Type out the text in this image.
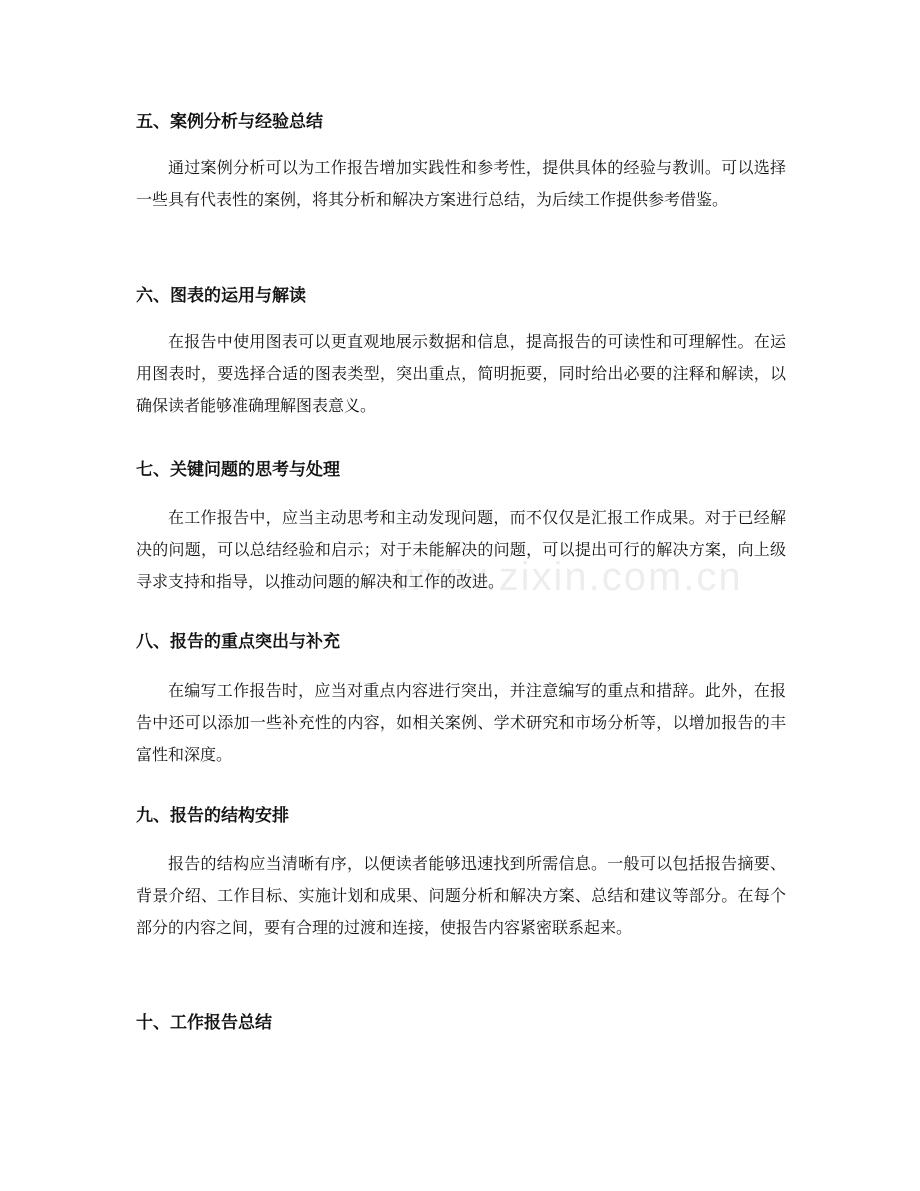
www.zixin.com.cn
五、案例分析与经验总结

通过案例分析可以为工作报告增加实践性和参考性，提供具体的经验与教训。可以选择一些具有代表性的案例，将其分析和解决方案进行总结，为后续工作提供参考借鉴。

六、图表的运用与解读

在报告中使用图表可以更直观地展示数据和信息，提高报告的可读性和可理解性。在运用图表时，要选择合适的图表类型，突出重点，简明扼要，同时给出必要的注释和解读，以确保读者能够准确理解图表意义。

七、关键问题的思考与处理

在工作报告中，应当主动思考和主动发现问题，而不仅仅是汇报工作成果。对于已经解决的问题，可以总结经验和启示；对于未能解决的问题，可以提出可行的解决方案，向上级寻求支持和指导，以推动问题的解决和工作的改进。

八、报告的重点突出与补充

在编写工作报告时，应当对重点内容进行突出，并注意编写的重点和措辞。此外，在报告中还可以添加一些补充性的内容，如相关案例、学术研究和市场分析等，以增加报告的丰富性和深度。

九、报告的结构安排

报告的结构应当清晰有序，以便读者能够迅速找到所需信息。一般可以包括报告摘要、背景介绍、工作目标、实施计划和成果、问题分析和解决方案、总结和建议等部分。在每个部分的内容之间，要有合理的过渡和连接，使报告内容紧密联系起来。

十、工作报告总结
